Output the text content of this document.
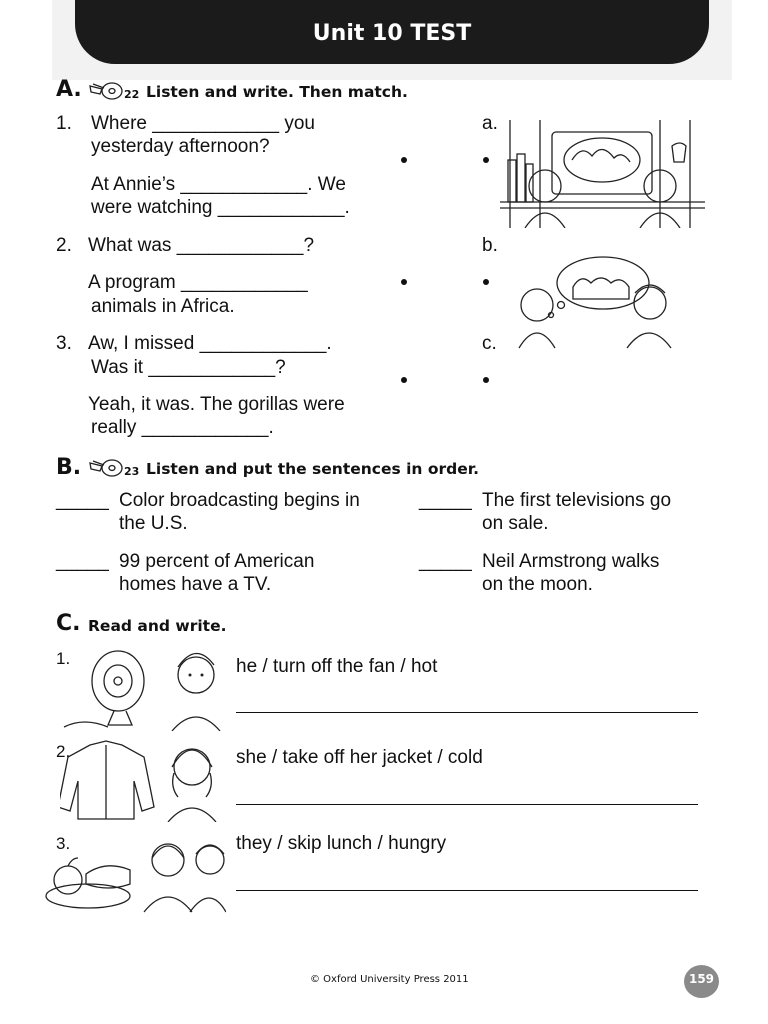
Unit 10 TEST
A.	22 Listen and write. Then match.
1. Where ____________ you
yesterday afternoon?
At Annie’s ____________. We
were watching ____________.
2. What was ____________?
A program ____________
animals in Africa.
3. Aw, I missed ____________.
Was it ____________?
Yeah, it was. The gorillas were
really ____________.
a.
b.
c.
B.	23 Listen and put the sentences in order.
_____ Color broadcasting begins in
the U.S.
_____ The first televisions go
on sale.
_____ 99 percent of American
homes have a TV.
_____ Neil Armstrong walks
on the moon.
C. Read and write.
1.	he / turn off the fan / hot
2.	she / take off her jacket / cold
3.	they / skip lunch / hungry
© Oxford University Press 2011	159
